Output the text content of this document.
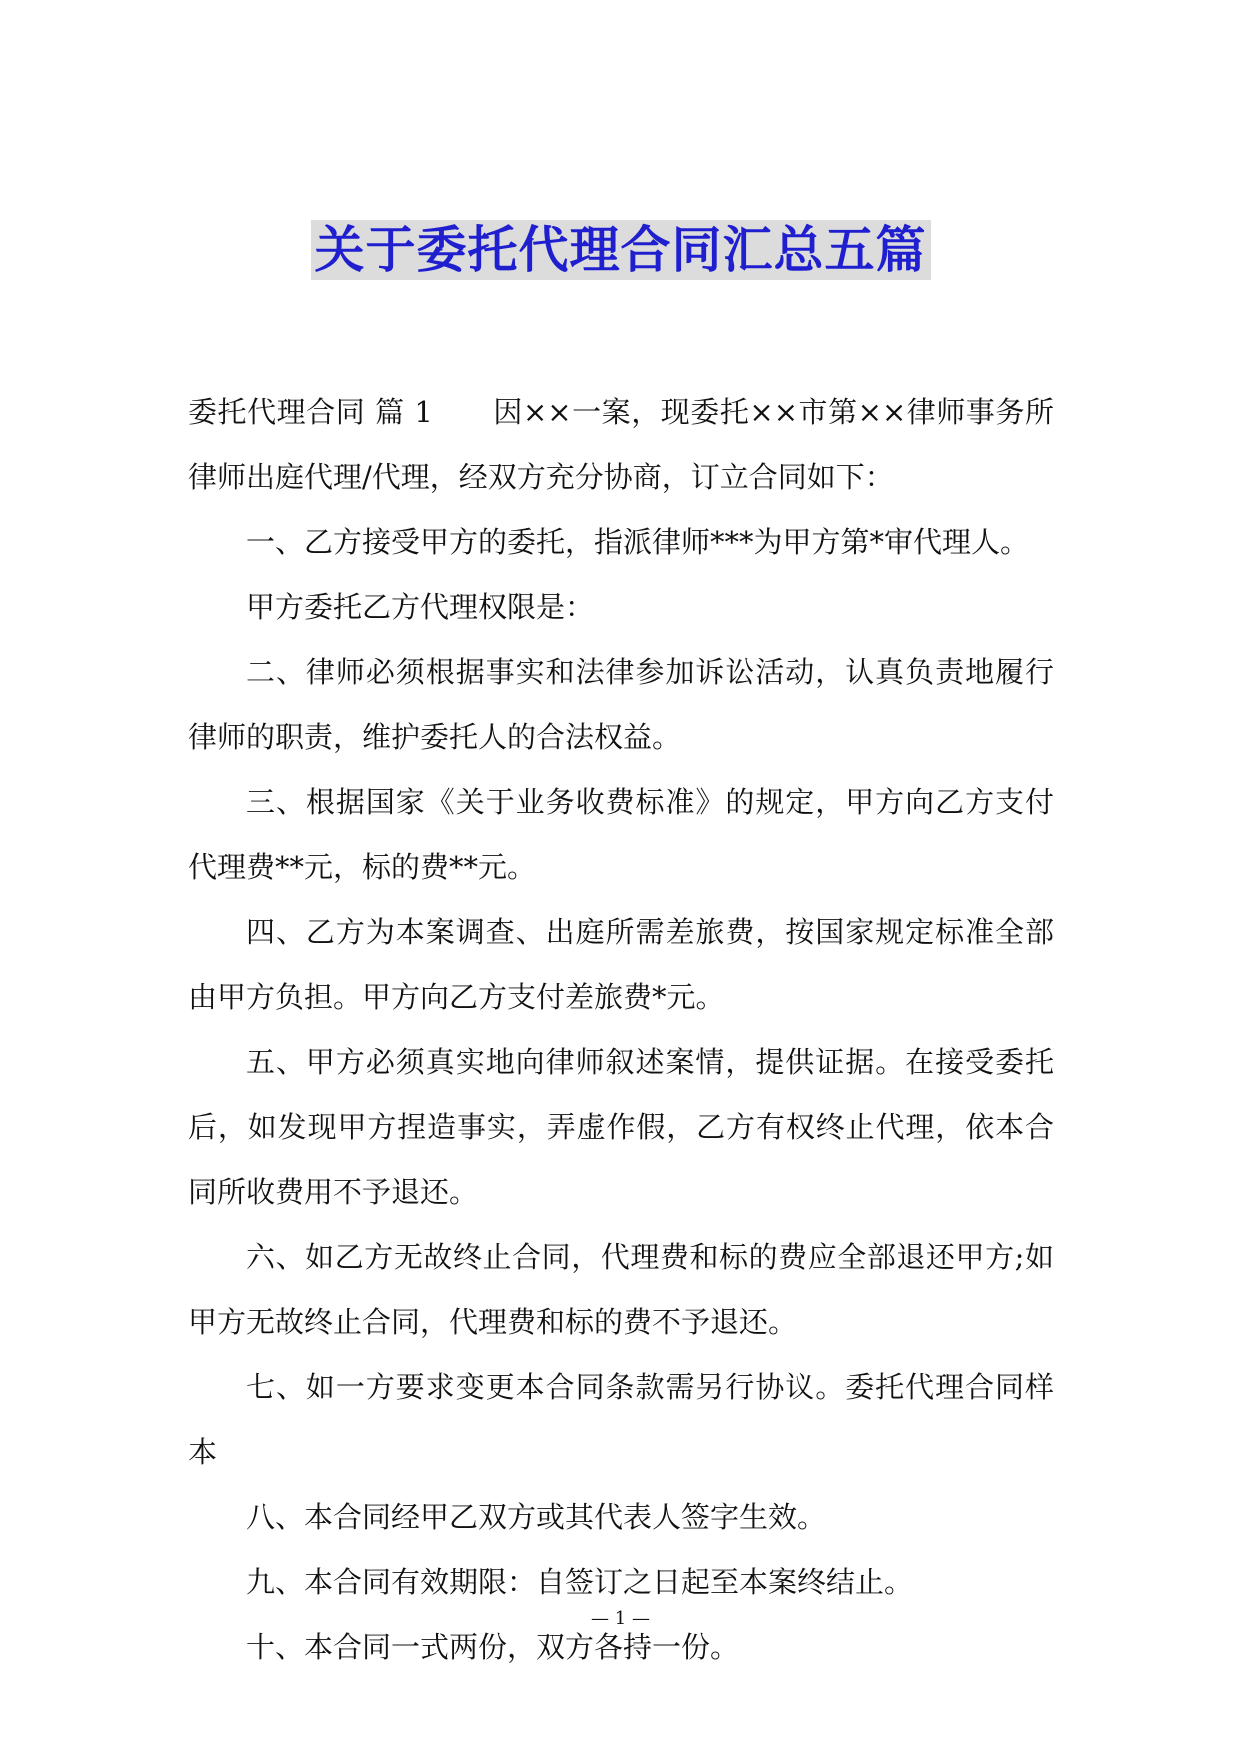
关于委托代理合同汇总五篇

委托代理合同 篇 1 因××一案，现委托××市第××律师事务所律师出庭代理/代理，经双方充分协商，订立合同如下：

一、乙方接受甲方的委托，指派律师***为甲方第*审代理人。

甲方委托乙方代理权限是：

二、律师必须根据事实和法律参加诉讼活动，认真负责地履行律师的职责，维护委托人的合法权益。

三、根据国家《关于业务收费标准》的规定，甲方向乙方支付代理费**元，标的费**元。

四、乙方为本案调查、出庭所需差旅费，按国家规定标准全部由甲方负担。甲方向乙方支付差旅费*元。

五、甲方必须真实地向律师叙述案情，提供证据。在接受委托后，如发现甲方捏造事实，弄虚作假，乙方有权终止代理，依本合同所收费用不予退还。

六、如乙方无故终止合同，代理费和标的费应全部退还甲方;如甲方无故终止合同，代理费和标的费不予退还。

七、如一方要求变更本合同条款需另行协议。委托代理合同样本

八、本合同经甲乙双方或其代表人签字生效。

九、本合同有效期限：自签订之日起至本案终结止。

十、本合同一式两份，双方各持一份。

— 1 —
